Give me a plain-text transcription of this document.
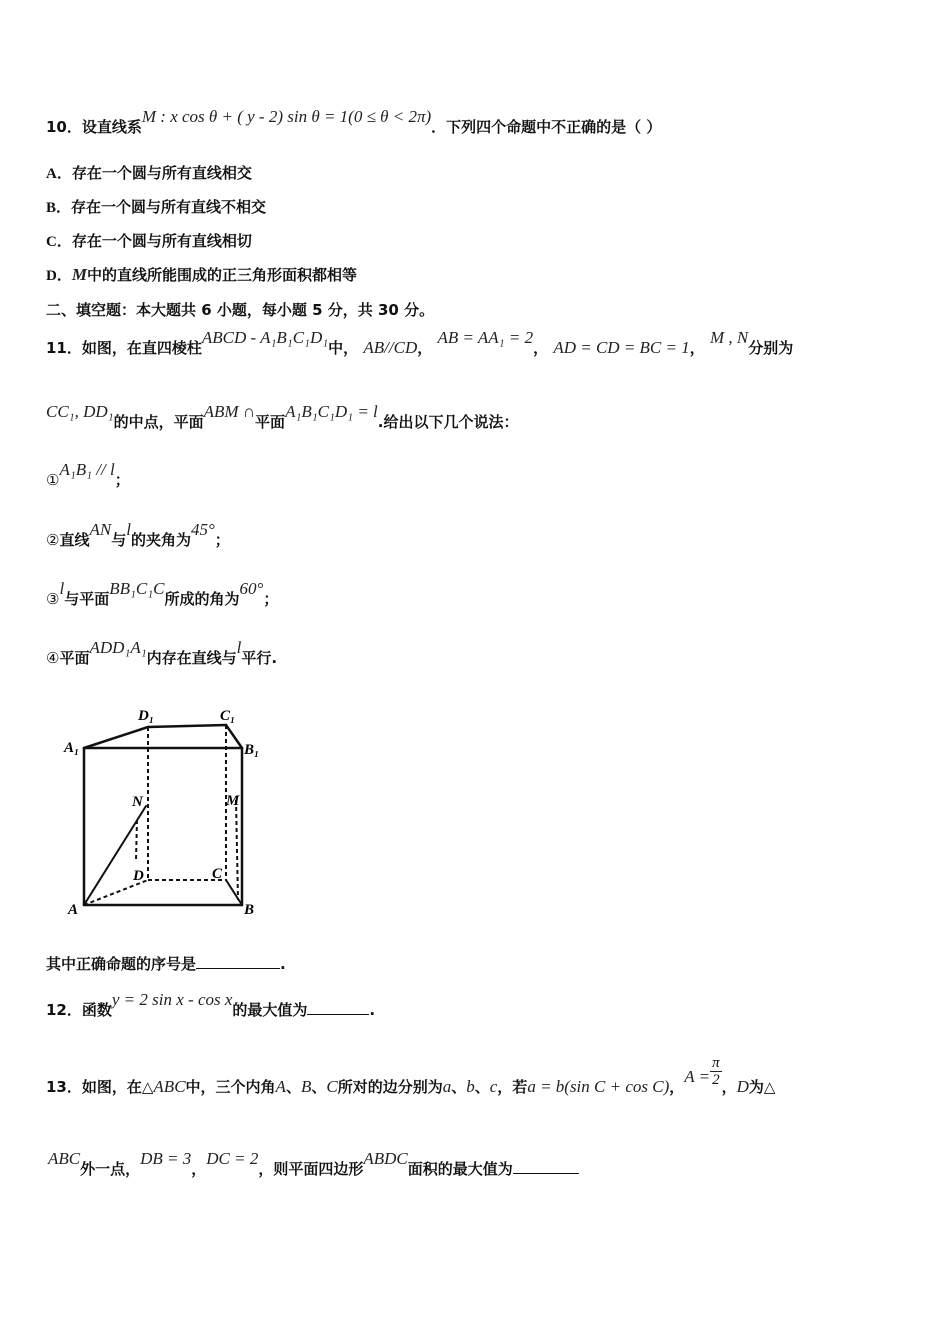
10．设直线系M : x cos θ + ( y - 2) sin θ = 1(0 ≤ θ < 2π)．下列四个命题中不正确的是（ ）
A．存在一个圆与所有直线相交
B．存在一个圆与所有直线不相交
C．存在一个圆与所有直线相切
D．M中的直线所能围成的正三角形面积都相等
二、填空题：本大题共 6 小题，每小题 5 分，共 30 分。
11．如图，在直四棱柱ABCD - A₁B₁C₁D₁中， AB//CD， AB = AA₁ = 2， AD = CD = BC = 1， M , N分别为
CC₁, DD₁的中点，平面ABM ∩平面A₁B₁C₁D₁ = l.给出以下几个说法：
①A₁B₁ // l；
②直线AN与l的夹角为45°；
③l与平面BB₁C₁C所成的角为60°；
④平面ADD₁A₁内存在直线与l平行.
A₁
D₁	C₁
B₁
N	M
D	C
A	B
其中正确命题的序号是	.
12．函数y = 2 sin x - cos x的最大值为	.
13．如图，在△ABC中，三个内角A、B、C所对的边分别为a、b、c，若a = b(sin C + cos C)，$A = \frac{\pi}{2}$ ，D为△
ABC外一点，DB = 3，DC = 2，则平面四边形ABDC面积的最大值为
